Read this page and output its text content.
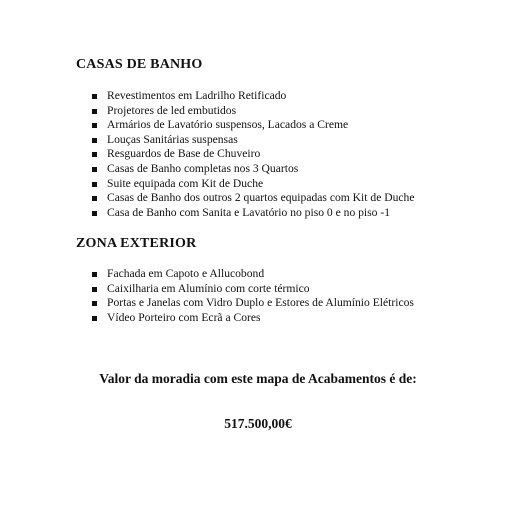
CASAS DE BANHO
Revestimentos em Ladrilho Retificado
Projetores de led embutidos
Armários de Lavatório suspensos, Lacados a Creme
Louças Sanitárias suspensas
Resguardos de Base de Chuveiro
Casas de Banho completas nos 3 Quartos
Suite equipada com Kit de Duche
Casas de Banho dos outros 2 quartos equipadas com Kit de Duche
Casa de Banho com Sanita e Lavatório no piso 0 e no piso -1
ZONA EXTERIOR
Fachada em Capoto e Allucobond
Caixilharia em Alumínio com corte térmico
Portas e Janelas com Vidro Duplo e Estores de Alumínio Elétricos
Vídeo Porteiro com Ecrã a Cores
Valor da moradia com este mapa de Acabamentos é de:
517.500,00€
